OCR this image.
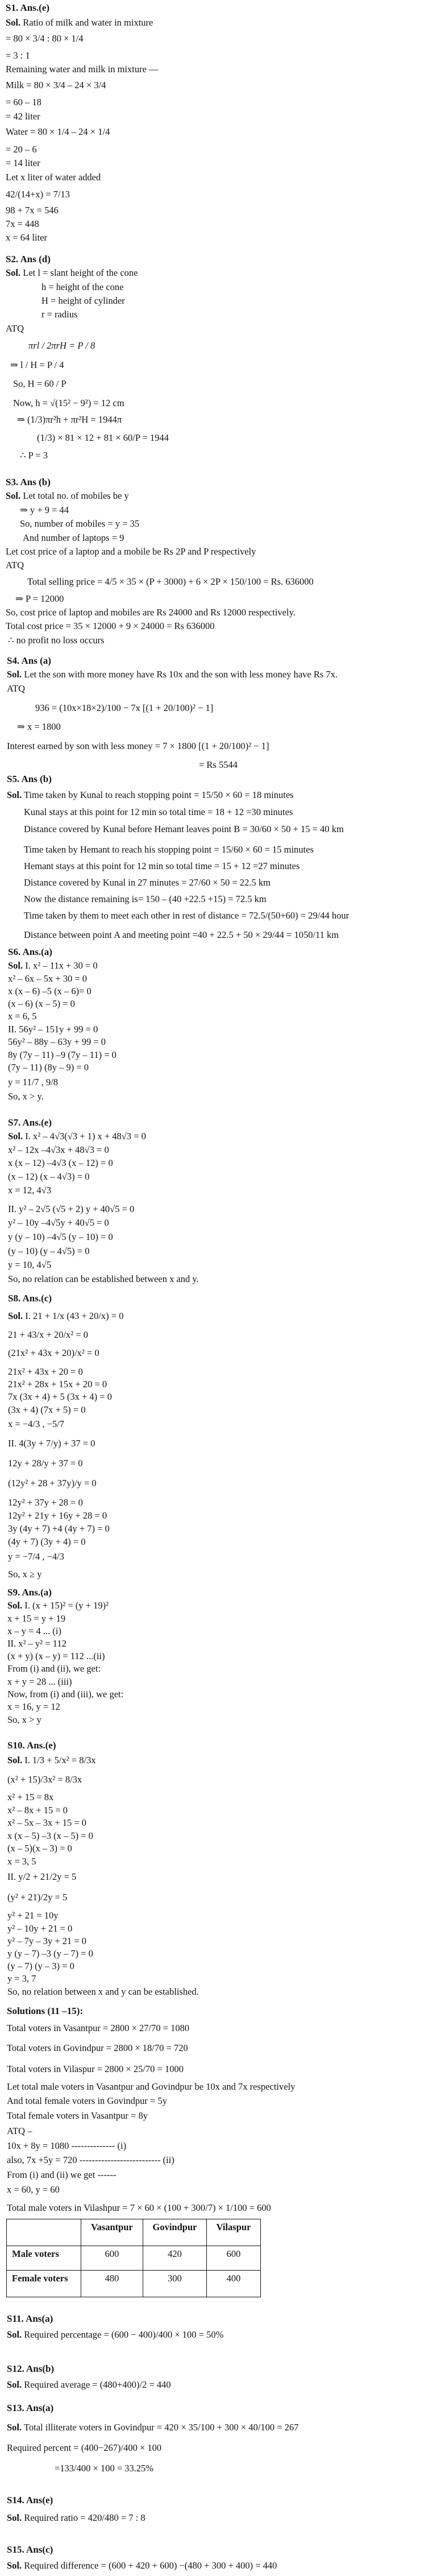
S1. Ans.(e)
Sol. Ratio of milk and water in mixture
= 80 × 3/4 : 80 × 1/4
= 3 : 1
Remaining water and milk in mixture —
Milk = 80 × 3/4 – 24 × 3/4
= 60 – 18
= 42 liter
Water = 80 × 1/4 – 24 × 1/4
= 20 – 6
= 14 liter
Let x liter of water added
42/(14+x) = 7/13
98 + 7x = 546
7x = 448
x = 64 liter
S2. Ans (d)
Sol. Let l = slant height of the cone
h = height of the cone
H = height of cylinder
r = radius
ATQ
πrl / 2πrH = P / 8
⇒ l / H = P / 4
So, H = 60 / P
Now, h = √(15² − 9²) = 12 cm
⇒ (1/3)πr²h + πr²H = 1944π
(1/3) × 81 × 12 + 81 × 60/P = 1944
∴ P = 3
S3. Ans (b)
Sol. Let total no. of mobiles be y
⇒ y + 9 = 44
So, number of mobiles = y = 35
And number of laptops = 9
Let cost price of a laptop and a mobile be Rs 2P and P respectively
ATQ
Total selling price = 4/5 × 35 × (P + 3000) + 6 × 2P × 150/100 = Rs. 636000
⇒ P = 12000
So, cost price of laptop and mobiles are Rs 24000 and Rs 12000 respectively.
Total cost price = 35 × 12000 + 9 × 24000 = Rs 636000
∴ no profit no loss occurs
S4. Ans (a)
Sol. Let the son with more money have Rs 10x and the son with less money have Rs 7x.
ATQ
936 = (10x×18×2)/100 − 7x [(1 + 20/100)² − 1]
⇒ x = 1800
Interest earned by son with less money = 7 × 1800 [(1 + 20/100)² − 1]
= Rs 5544
S5. Ans (b)
Sol. Time taken by Kunal to reach stopping point = 15/50 × 60 = 18 minutes
Kunal stays at this point for 12 min so total time = 18 + 12 =30 minutes
Distance covered by Kunal before Hemant leaves point B = 30/60 × 50 + 15 = 40 km
Time taken by Hemant to reach his stopping point = 15/60 × 60 = 15 minutes
Hemant stays at this point for 12 min so total time = 15 + 12 =27 minutes
Distance covered by Kunal in 27 minutes = 27/60 × 50 = 22.5 km
Now the distance remaining is= 150 – (40 +22.5 +15) = 72.5 km
Time taken by them to meet each other in rest of distance = 72.5/(50+60) = 29/44 hour
Distance between point A and meeting point =40 + 22.5 + 50 × 29/44 = 1050/11 km
S6. Ans.(a)
Sol. I. x² – 11x + 30 = 0
x² – 6x – 5x + 30 = 0
x (x – 6) –5 (x – 6)= 0
(x – 6) (x – 5) = 0
x = 6, 5
II. 56y² – 151y + 99 = 0
56y² – 88y – 63y + 99 = 0
8y (7y – 11) –9 (7y – 11) = 0
(7y – 11) (8y – 9) = 0
y = 11/7 , 9/8
So, x > y.
S7. Ans.(e)
Sol. I. x² – 4√3(√3 + 1) x + 48√3 = 0
x² – 12x –4√3x + 48√3 = 0
x (x – 12) –4√3 (x – 12) = 0
(x – 12) (x – 4√3) = 0
x = 12, 4√3
II. y² – 2√5 (√5 + 2) y + 40√5 = 0
y² – 10y –4√5y + 40√5 = 0
y (y – 10) –4√5 (y – 10) = 0
(y – 10) (y – 4√5) = 0
y = 10, 4√5
So, no relation can be established between x and y.
S8. Ans.(c)
Sol. I. 21 + 1/x (43 + 20/x) = 0
21 + 43/x + 20/x² = 0
(21x² + 43x + 20)/x² = 0
21x² + 43x + 20 = 0
21x² + 28x + 15x + 20 = 0
7x (3x + 4) + 5 (3x + 4) = 0
(3x + 4) (7x + 5) = 0
x = −4/3 , −5/7
II. 4(3y + 7/y) + 37 = 0
12y + 28/y + 37 = 0
(12y² + 28 + 37y)/y = 0
12y² + 37y + 28 = 0
12y² + 21y + 16y + 28 = 0
3y (4y + 7) +4 (4y + 7) = 0
(4y + 7) (3y + 4) = 0
y = −7/4 , −4/3
So, x ≥ y
S9. Ans.(a)
Sol. I. (x + 15)² = (y + 19)²
x + 15 = y + 19
x – y = 4 ... (i)
II. x² – y² = 112
(x + y) (x – y) = 112 ...(ii)
From (i) and (ii), we get:
x + y = 28 ... (iii)
Now, from (i) and (iii), we get:
x = 16, y = 12
So, x > y
S10. Ans.(e)
Sol. I. 1/3 + 5/x² = 8/3x
(x² + 15)/3x² = 8/3x
x² + 15 = 8x
x² – 8x + 15 = 0
x² – 5x – 3x + 15 = 0
x (x – 5) –3 (x – 5) = 0
(x – 5)(x – 3) = 0
x = 3, 5
II. y/2 + 21/2y = 5
(y² + 21)/2y = 5
y² + 21 = 10y
y² – 10y + 21 = 0
y² – 7y – 3y + 21 = 0
y (y – 7) –3 (y – 7) = 0
(y – 7) (y – 3) = 0
y = 3, 7
So, no relation between x and y can be established.
Solutions (11 –15):
Total voters in Vasantpur = 2800 × 27/70 = 1080
Total voters in Govindpur = 2800 × 18/70 = 720
Total voters in Vilaspur = 2800 × 25/70 = 1000
Let total male voters in Vasantpur and Govindpur be 10x and 7x respectively
And total female voters in Govindpur = 5y
Total female voters in Vasantpur = 8y
ATQ –
10x + 8y = 1080 -------------- (i)
also, 7x +5y = 720 -------------------------- (ii)
From (i) and (ii) we get ------
x = 60, y = 60
Total male voters in Vilashpur = 7 × 60 × (100 + 300/7) × 1/100 = 600
	Vasantpur	Govindpur	Vilaspur
Male voters	600	420	600
Female voters	480	300	400
S11. Ans(a)
Sol. Required percentage = (600 − 400)/400 × 100 = 50%
S12. Ans(b)
Sol. Required average = (480+400)/2 = 440
S13. Ans(a)
Sol. Total illiterate voters in Govindpur = 420 × 35/100 + 300 × 40/100 = 267
Required percent = (400−267)/400 × 100
=133/400 × 100 = 33.25%
S14. Ans(e)
Sol. Required ratio = 420/480 = 7 : 8
S15. Ans(c)
Sol. Required difference = (600 + 420 + 600) −(480 + 300 + 400) = 440
